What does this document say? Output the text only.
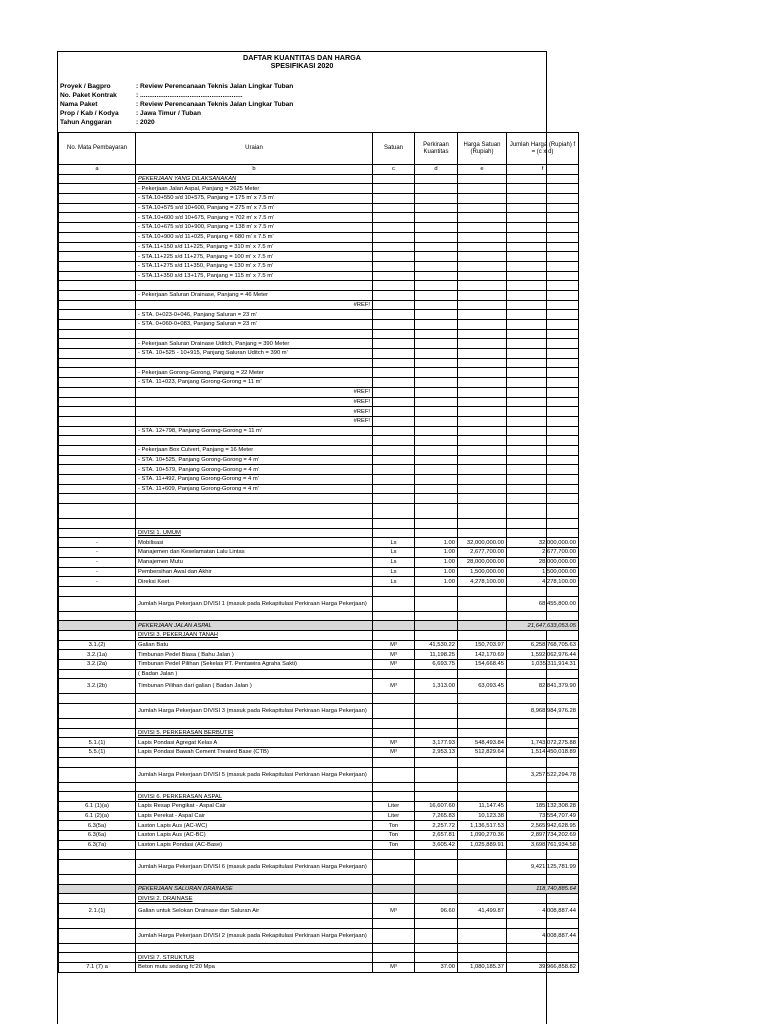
DAFTAR KUANTITAS DAN HARGA
SPESIFIKASI 2020
Proyek / Bagpro	: Review Perencanaan Teknis Jalan Lingkar Tuban
No. Paket Kontrak	: ........................................................
Nama Paket	: Review Perencanaan Teknis Jalan Lingkar Tuban
Prop / Kab / Kodya	: Jawa Timur / Tuban
Tahun Anggaran	: 2020
No. Mata Pembayaran	Uraian	Satuan	Perkiraan Kuantitas	Harga Satuan (Rupiah)	Jumlah Harga (Rupiah) f = (c x d)
a	b	c	d	e	f
	PEKERJAAN YANG DILAKSANAKAN				
	- Pekerjaan Jalan Aspal, Panjang = 2625 Meter				
	- STA.10+550 s/d 10+575, Panjang = 175 m' x 7.5 m'				
	- STA.10+575 s/d 10+600, Panjang = 275 m' x 7.5 m'				
	- STA.10+600 s/d 10+675, Panjang = 702 m' x 7.5 m'				
	- STA.10+675 s/d 10+900, Panjang = 138 m' x 7.5 m'				
	- STA.10+900 s/d 11+025, Panjang = 680 m' x 7.5 m'				
	- STA.11+150 s/d 11+225, Panjang = 310 m' x 7.5 m'				
	- STA.11+225 s/d 11+275, Panjang = 100 m' x 7.5 m'				
	- STA.11+275 s/d 11+350, Panjang = 130 m' x 7.5 m'				
	- STA.11+350 s/d 13+175, Panjang = 115 m' x 7.5 m'				

	- Pekerjaan Saluran Drainase, Panjang = 46 Meter				
	#REF!				
	- STA. 0+023-0+046, Panjang Saluran = 23 m'				
	- STA. 0+060-0+083, Panjang Saluran = 23 m'				

	- Pekerjaan Saluran Drainase Uditch, Panjang = 390 Meter				
	- STA. 10+525 - 10+915, Panjang Saluran Uditch = 390 m'				

	- Pekerjaan Gorong-Gorong, Panjang = 22 Meter				
	- STA. 11+023, Panjang Gorong-Gorong = 11 m'				
	#REF!				
	#REF!				
	#REF!				
	#REF!				
	- STA. 12+798, Panjang Gorong-Gorong = 11 m'				

	- Pekerjaan Box Culvert, Panjang = 16 Meter				
	- STA. 10+525, Panjang Gorong-Gorong = 4 m'				
	- STA. 10+579, Panjang Gorong-Gorong = 4 m'				
	- STA. 11+492, Panjang Gorong-Gorong = 4 m'				
	- STA. 11+609, Panjang Gorong-Gorong = 4 m'				

	DIVISI 1. UMUM				
-	Mobilisasi	Ls	1.00	32,000,000.00	32,000,000.00
-	Manajemen dan Keselamatan Lalu Lintas	Ls	1.00	2,677,700.00	2,677,700.00
-	Manajemen Mutu	Ls	1.00	28,000,000.00	28,000,000.00
-	Pembersihan Awal dan Akhir	Ls	1.00	1,500,000.00	1,500,000.00
-	Direksi Keet	Ls	1.00	4,278,100.00	4,278,100.00

	Jumlah Harga Pekerjaan DIVISI 1 (masuk pada Rekapitulasi Perkiraan Harga Pekerjaan)				68,455,800.00

	PEKERJAAN JALAN ASPAL				21,647,633,053.05
	DIVISI 3. PEKERJAAN TANAH				
3.1.(2)	Galian Batu	M³	41,530.22	150,703.97	6,258,768,705.63
3.2.(1a)	Timbunan Pedel Biasa ( Bahu Jalan )	M³	11,198.25	142,170.69	1,592,062,976.44
3.2.(2a)	Timbunan Pedel Pilihan (Sekelas PT. Pentawira Agraha Sakti)	M³	6,693.75	154,668.45	1,035,311,914.31
	( Badan Jalan )				
3.2.(2b)	Timbunan Pilihan dari galian ( Badan Jalan )	M³	1,313.00	63,093.45	82,841,379.90

	Jumlah Harga Pekerjaan DIVISI 3 (masuk pada Rekapitulasi Perkiraan Harga Pekerjaan)				8,968,984,976.28

	DIVISI 5. PERKERASAN BERBUTIR				
5.1.(1)	Lapis Pondasi Agregat Kelas A	M³	3,177.93	548,493.84	1,743,072,275.88
5.5.(1)	Lapis Pondasi Bawah Cement Treated Base (CTB)	M³	2,953.13	512,829.64	1,514,450,018.89

	Jumlah Harga Pekerjaan DIVISI 5 (masuk pada Rekapitulasi Perkiraan Harga Pekerjaan)				3,257,522,294.78

	DIVISI 6. PERKERASAN ASPAL				
6.1 (1)(a)	Lapis Resap Pengikat - Aspal Cair	Liter	16,607.60	11,147.45	185,132,308.28
6.1 (2)(a)	Lapis Perekat - Aspal Cair	Liter	7,265.83	10,123.38	73,554,707.49
6.3(5a)	Laston Lapis Aus (AC-WC)	Ton	2,257.72	1,136,517.53	2,565,942,628.95
6.3(6a)	Laston Lapis Aus (AC-BC)	Ton	2,657.81	1,090,270.36	2,897,734,202.69
6.3(7a)	Laston Lapis Pondasi (AC-Base)	Ton	3,605.42	1,025,889.91	3,698,761,934.58

	Jumlah Harga Pekerjaan DIVISI 6 (masuk pada Rekapitulasi Perkiraan Harga Pekerjaan)				9,421,125,781.99

	PEKERJAAN SALURAN DRAINASE				118,740,885.64
	DIVISI 2. DRAINASE				
2.1.(1)	Galian untuk Selokan Drainase dan Saluran Air	M³	96.60	41,499.87	4,008,887.44

	Jumlah Harga Pekerjaan DIVISI 2 (masuk pada Rekapitulasi Perkiraan Harga Pekerjaan)				4,008,887.44

	DIVISI 7. STRUKTUR				
7.1 (7) a	Beton mutu sedang fc'20 Mpa	M³	37.00	1,080,185.37	39,966,858.82
